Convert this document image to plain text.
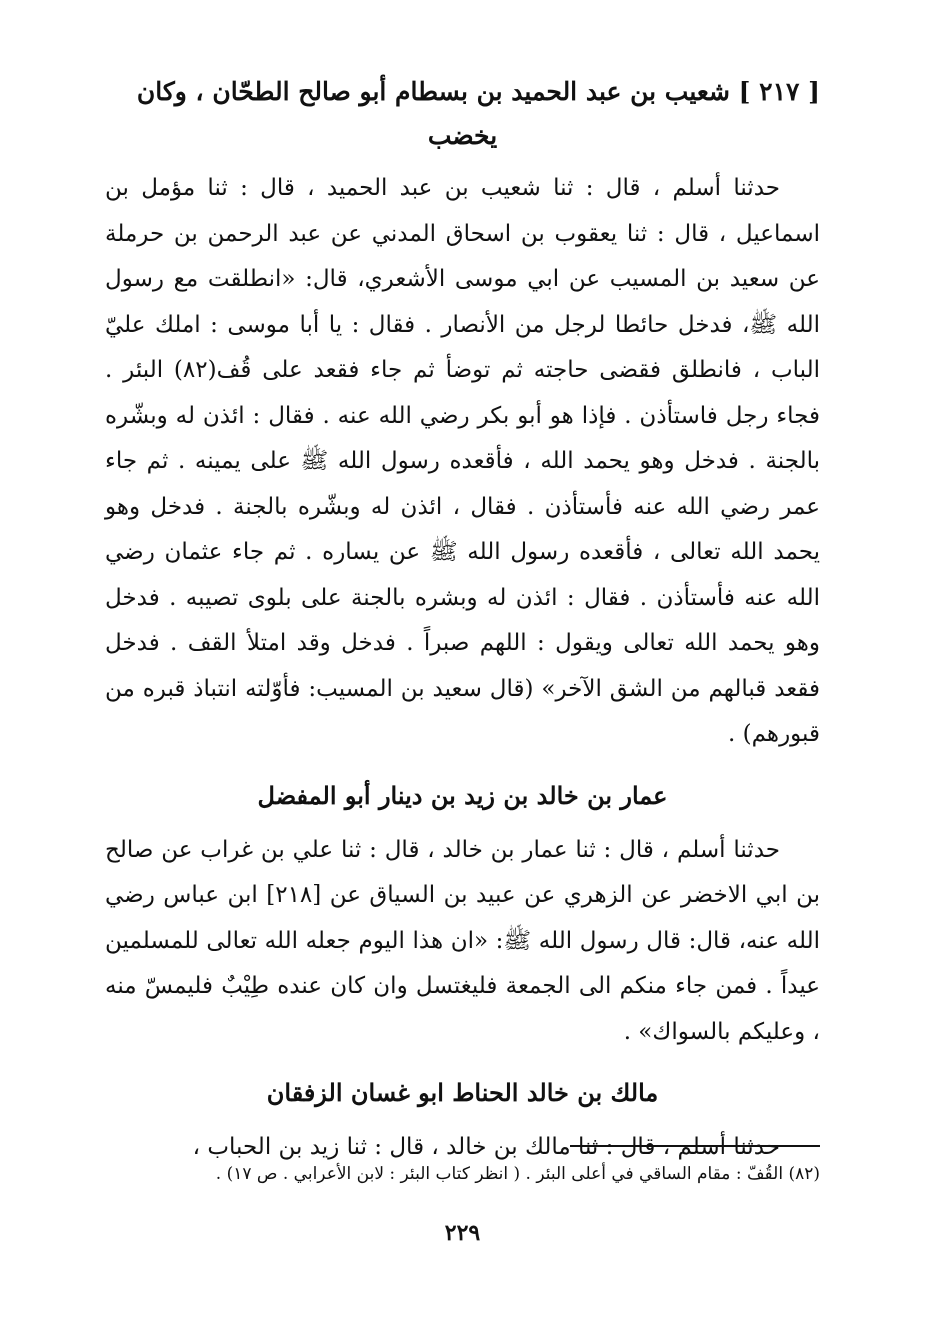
[ ٢١٧ ] شعيب بن عبد الحميد بن بسطام أبو صالح الطحّان ، وكان
يخضب

حدثنا أسلم ، قال : ثنا شعيب بن عبد الحميد ، قال : ثنا مؤمل بن اسماعيل ، قال : ثنا يعقوب بن اسحاق المدني عن عبد الرحمن بن حرملة عن سعيد بن المسيب عن ابي موسى الأشعري، قال: «انطلقت مع رسول الله ﷺ، فدخل حائطا لرجل من الأنصار . فقال : يا أبا موسى : املك عليّ الباب ، فانطلق فقضى حاجته ثم توضأ ثم جاء فقعد على قُف(٨٢) البئر . فجاء رجل فاستأذن . فإذا هو أبو بكر رضي الله عنه . فقال : ائذن له وبشّره بالجنة . فدخل وهو يحمد الله ، فأقعده رسول الله ﷺ على يمينه . ثم جاء عمر رضي الله عنه فأستأذن . فقال ، ائذن له وبشّره بالجنة . فدخل وهو يحمد الله تعالى ، فأقعده رسول الله ﷺ عن يساره . ثم جاء عثمان رضي الله عنه فأستأذن . فقال : ائذن له وبشره بالجنة على بلوى تصيبه . فدخل وهو يحمد الله تعالى ويقول : اللهم صبراً . فدخل وقد امتلأ القف . فدخل فقعد قبالهم من الشق الآخر» (قال سعيد بن المسيب: فأوّلته انتباذ قبره من قبورهم) .

عمار بن خالد بن زيد بن دينار أبو المفضل

حدثنا أسلم ، قال : ثنا عمار بن خالد ، قال : ثنا علي بن غراب عن صالح بن ابي الاخضر عن الزهري عن عبيد بن السياق عن [٢١٨] ابن عباس رضي الله عنه، قال: قال رسول الله ﷺ: «ان هذا اليوم جعله الله تعالى للمسلمين عيداً . فمن جاء منكم الى الجمعة فليغتسل وان كان عنده طِيْبٌ فليمسّ منه ، وعليكم بالسواك» .

مالك بن خالد الحناط ابو غسان الزفقان

حدثنا أسلم ، قال : ثنا مالك بن خالد ، قال : ثنا زيد بن الحباب ،

(٨٢) القُفّ : مقام الساقي في أعلى البئر . ( انظر كتاب البئر : لابن الأعرابي . ص ١٧) .
٢٢٩
